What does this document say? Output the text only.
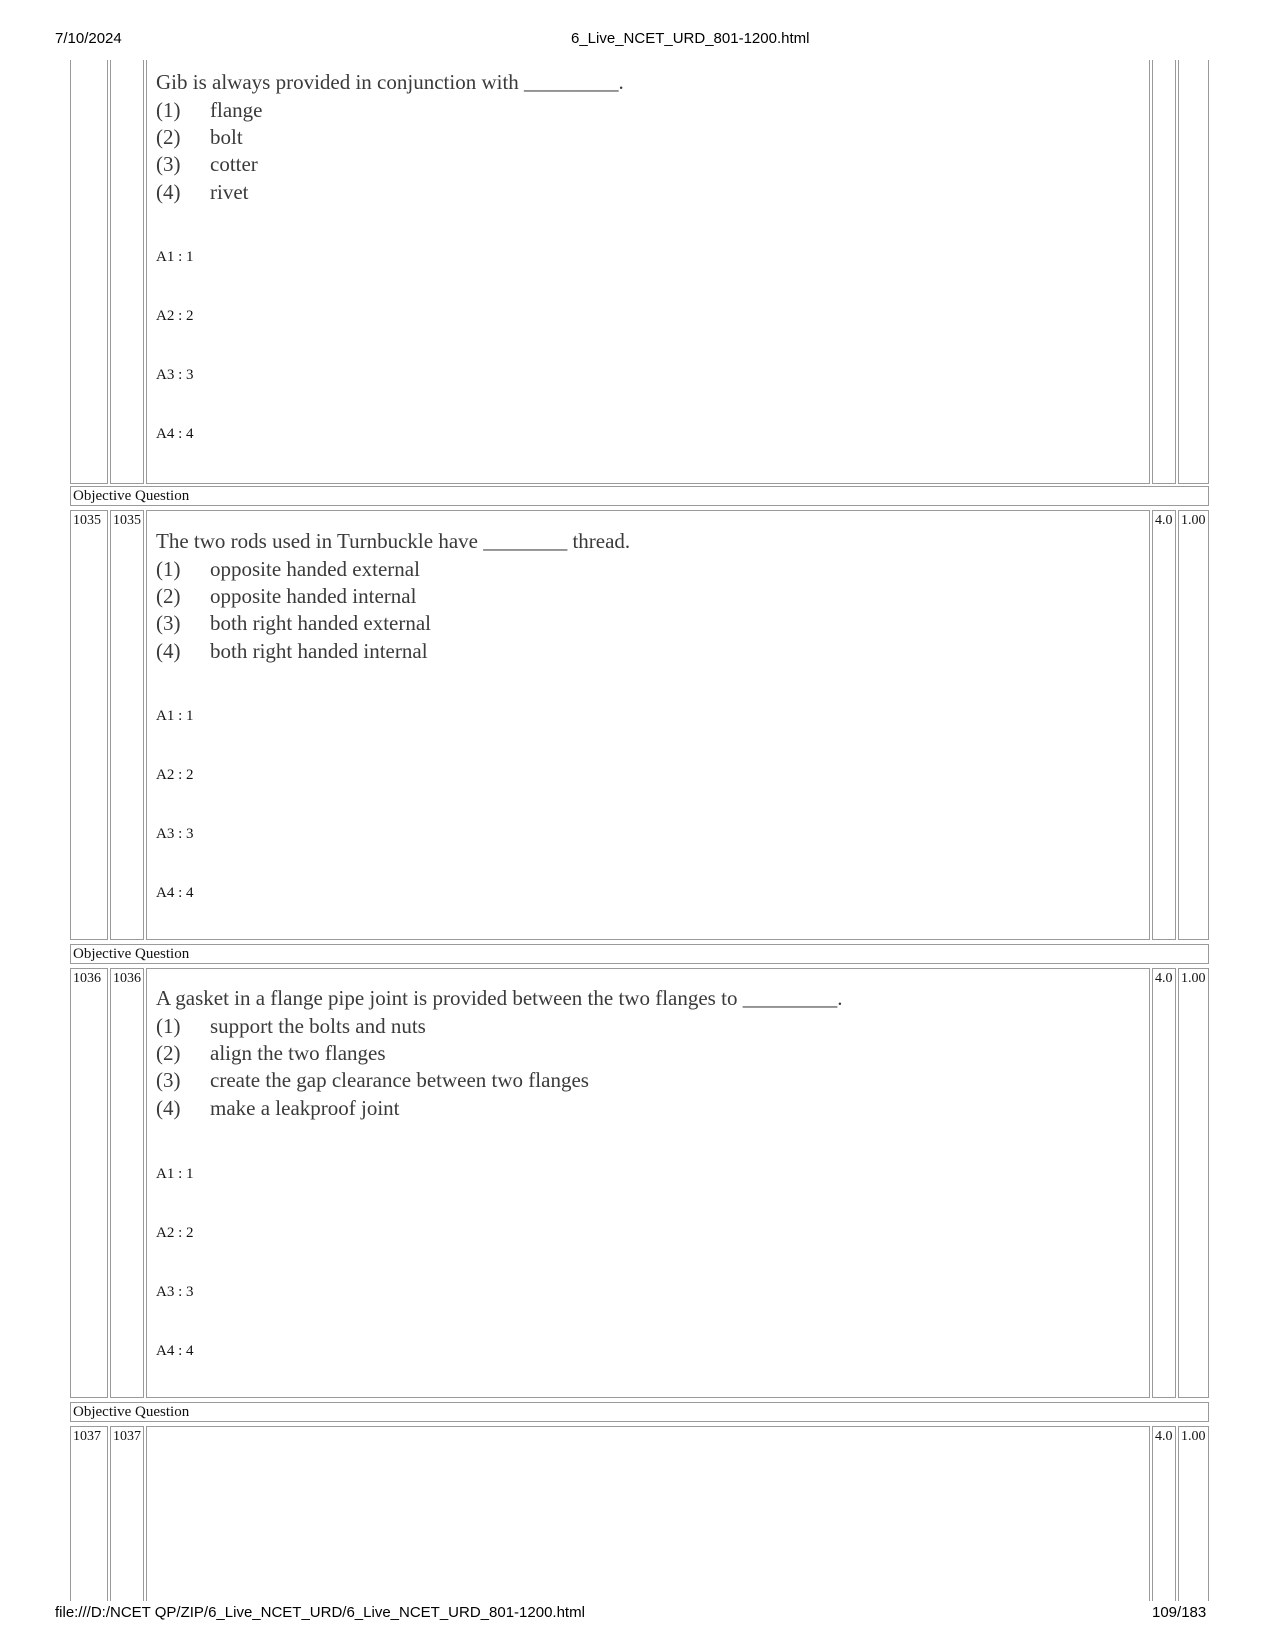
7/10/2024	6_Live_NCET_URD_801-1200.html
Gib is always provided in conjunction with _________.
(1) flange
(2) bolt
(3) cotter
(4) rivet
A1 : 1
A2 : 2
A3 : 3
A4 : 4
Objective Question
1035 1035	4.0 1.00
The two rods used in Turnbuckle have ________ thread.
(1) opposite handed external
(2) opposite handed internal
(3) both right handed external
(4) both right handed internal
A1 : 1
A2 : 2
A3 : 3
A4 : 4
Objective Question
1036 1036	4.0 1.00
A gasket in a flange pipe joint is provided between the two flanges to _________.
(1) support the bolts and nuts
(2) align the two flanges
(3) create the gap clearance between two flanges
(4) make a leakproof joint
A1 : 1
A2 : 2
A3 : 3
A4 : 4
Objective Question
1037 1037	4.0 1.00
file:///D:/NCET QP/ZIP/6_Live_NCET_URD/6_Live_NCET_URD_801-1200.html	109/183
